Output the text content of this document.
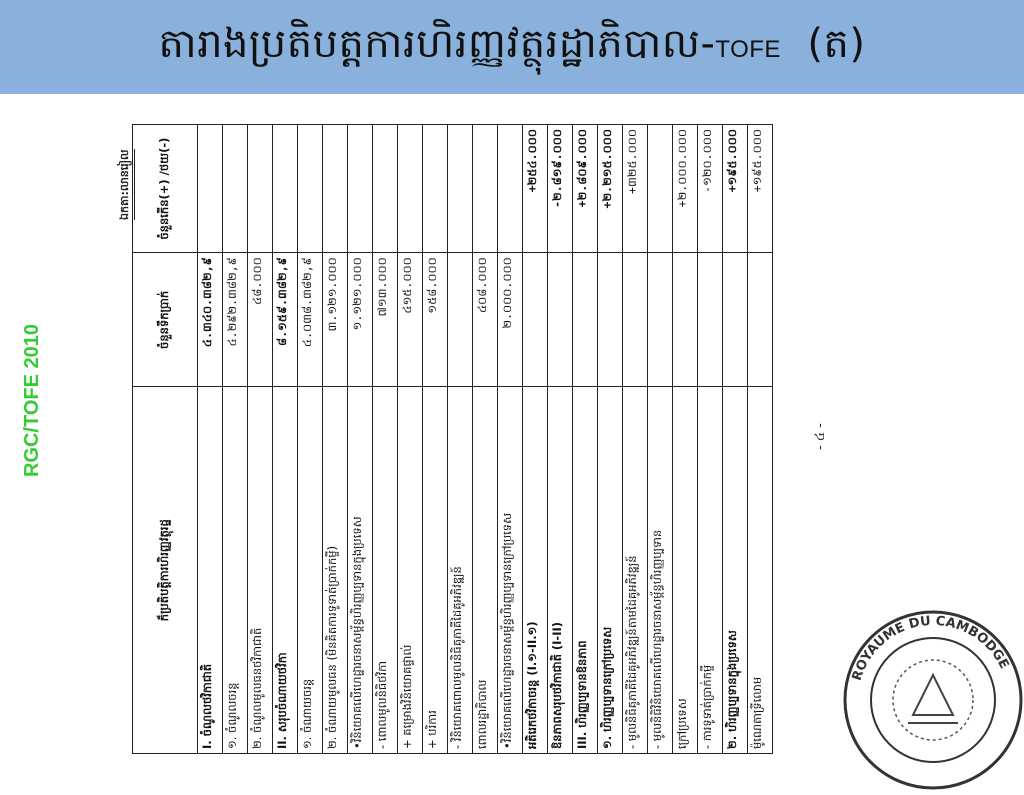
តារាងប្រតិបត្តការហិរញ្ញវត្ថុរដ្ឋាភិបាល-TOFE (ត)
RGC/TOFE 2010
ឯកតា:លានរៀល
ក៏ប្រតិបត្តិការហិរញ្ញវត្ថុរដ្ឋ	ចំនួនទឹកប្រាក់	ចំនួនកើន(+) /ថយ(-)
I. ចំណូលថវិកាជាតិ	៤.៣៤០.៣៨២,៩	
១. ចំណូលចរន្ត	៤.២៩២.៣៨២,៩	
២. ចំណូលមូលធនថវិកាជាតិ	៤៨.០០០	
II. សរុបចំណាយថវិកា	៨.១៥៩.៣៨២,៩	
១. ចំណាយចរន្ត	៤.០៣៨.៣៨២,៩	
២. ចំណាយមូលធន (មិនគិតការទូទាត់ប្រាក់កម្ចី)	៣.១២១.០០០	
•វិនិយោគលើហេដ្ឋារចនាសម្ព័ន្ធហិរញ្ញប្បទានក្នុងប្រទេស	១.១២១.០០០	
- ពោលមូលនិធិថវិកា	៧១៣.០០០	
+ គម្រោងវិនិយោគផ្ទាល់	៤១៥.០០០	
+ បរិការ	១៥៨.០០០	
- វិនិយោគពោលមូលនិធិគូភាគីដៃគូអភិវឌ្ឍន៍		
ពោលរដ្ឋាភិបាល	៤០៨.០០០	
•វិនិយោគលើហេដ្ឋារចនាសម្ព័ន្ធហិរញ្ញប្បទានក្រៅប្រទេស	២.០០០.០០០	
អតិរេកថវិកាចរន្ត (I.១-II.១)		+២៥៤.០០០
ឱនភាពសរុបថវិកាជាតិ (I-II)		-២.៨១៩.០០០
III. ហិរញ្ញប្បទានឱនភាព		+២.៨០៩.០០០
១. ហិរញ្ញប្បទានក្រៅប្រទេស		+២.២១៥.០០០
- មូលនិធិគូភាគីដៃគូអភិវឌ្ឍន៍តាមដៃគូអភិវឌ្ឍន៍		+៣២៥.០០០
- មូលនិធិវិនិយោគលើហេដ្ឋារចនាសម្ព័ន្ធហិរញ្ញប្បទាន		
ក្រៅប្រទេស		+២.០០០.០០០
- ការទូទាត់ប្រាក់កម្ចី		-១២០.០០០
២. ហិរញ្ញប្បទានក្នុងប្រទេស		+១៩៥.០០០
ម៉ូណេតាទ្រីលោម		+១៩៥.០០០
- ៤ -
ROYAUME DU CAMBODGE
